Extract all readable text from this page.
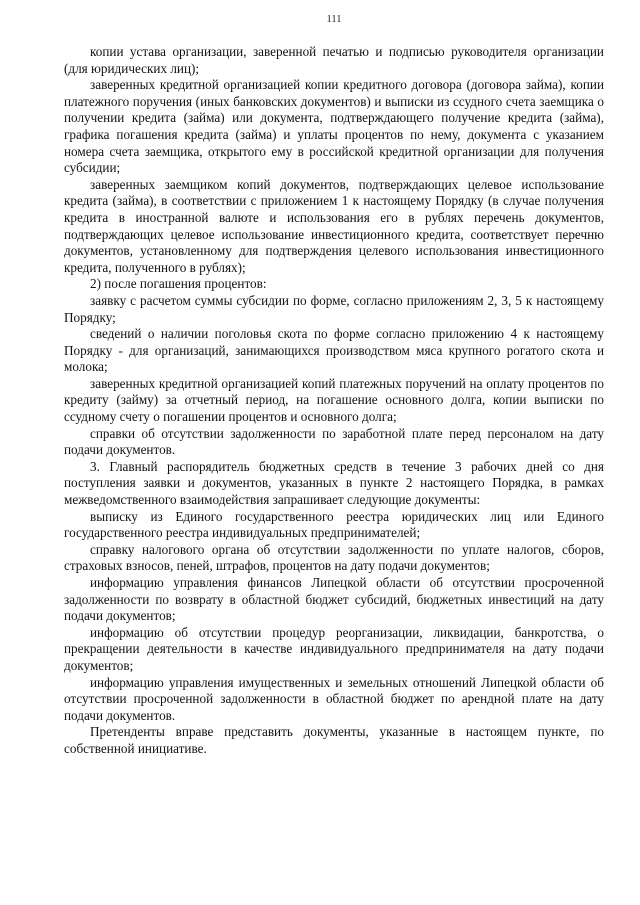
111

копии устава организации, заверенной печатью и подписью руководителя организации (для юридических лиц);

заверенных кредитной организацией копии кредитного договора (договора займа), копии платежного поручения (иных банковских документов) и выписки из ссудного счета заемщика о получении кредита (займа) или документа, подтверждающего получение кредита (займа), графика погашения кредита (займа) и уплаты процентов по нему, документа с указанием номера счета заемщика, открытого ему в российской кредитной организации для получения субсидии;

заверенных заемщиком копий документов, подтверждающих целевое использование кредита (займа), в соответствии с приложением 1 к настоящему Порядку (в случае получения кредита в иностранной валюте и использования его в рублях перечень документов, подтверждающих целевое использование инвестиционного кредита, соответствует перечню документов, установленному для подтверждения целевого использования инвестиционного кредита, полученного в рублях);

2) после погашения процентов:

заявку с расчетом суммы субсидии по форме, согласно приложениям 2, 3, 5 к настоящему Порядку;

сведений о наличии поголовья скота по форме согласно приложению 4 к настоящему Порядку - для организаций, занимающихся производством мяса крупного рогатого скота и молока;

заверенных кредитной организацией копий платежных поручений на оплату процентов по кредиту (займу) за отчетный период, на погашение основного долга, копии выписки по ссудному счету о погашении процентов и основного долга;

справки об отсутствии задолженности по заработной плате перед персоналом на дату подачи документов.

3. Главный распорядитель бюджетных средств в течение 3 рабочих дней со дня поступления заявки и документов, указанных в пункте 2 настоящего Порядка, в рамках межведомственного взаимодействия запрашивает следующие документы:

выписку из Единого государственного реестра юридических лиц или Единого государственного реестра индивидуальных предпринимателей;

справку налогового органа об отсутствии задолженности по уплате налогов, сборов, страховых взносов, пеней, штрафов, процентов на дату подачи документов;

информацию управления финансов Липецкой области об отсутствии просроченной задолженности по возврату в областной бюджет субсидий, бюджетных инвестиций на дату подачи документов;

информацию об отсутствии процедур реорганизации, ликвидации, банкротства, о прекращении деятельности в качестве индивидуального предпринимателя на дату подачи документов;

информацию управления имущественных и земельных отношений Липецкой области об отсутствии просроченной задолженности в областной бюджет по арендной плате на дату подачи документов.

Претенденты вправе представить документы, указанные в настоящем пункте, по собственной инициативе.
